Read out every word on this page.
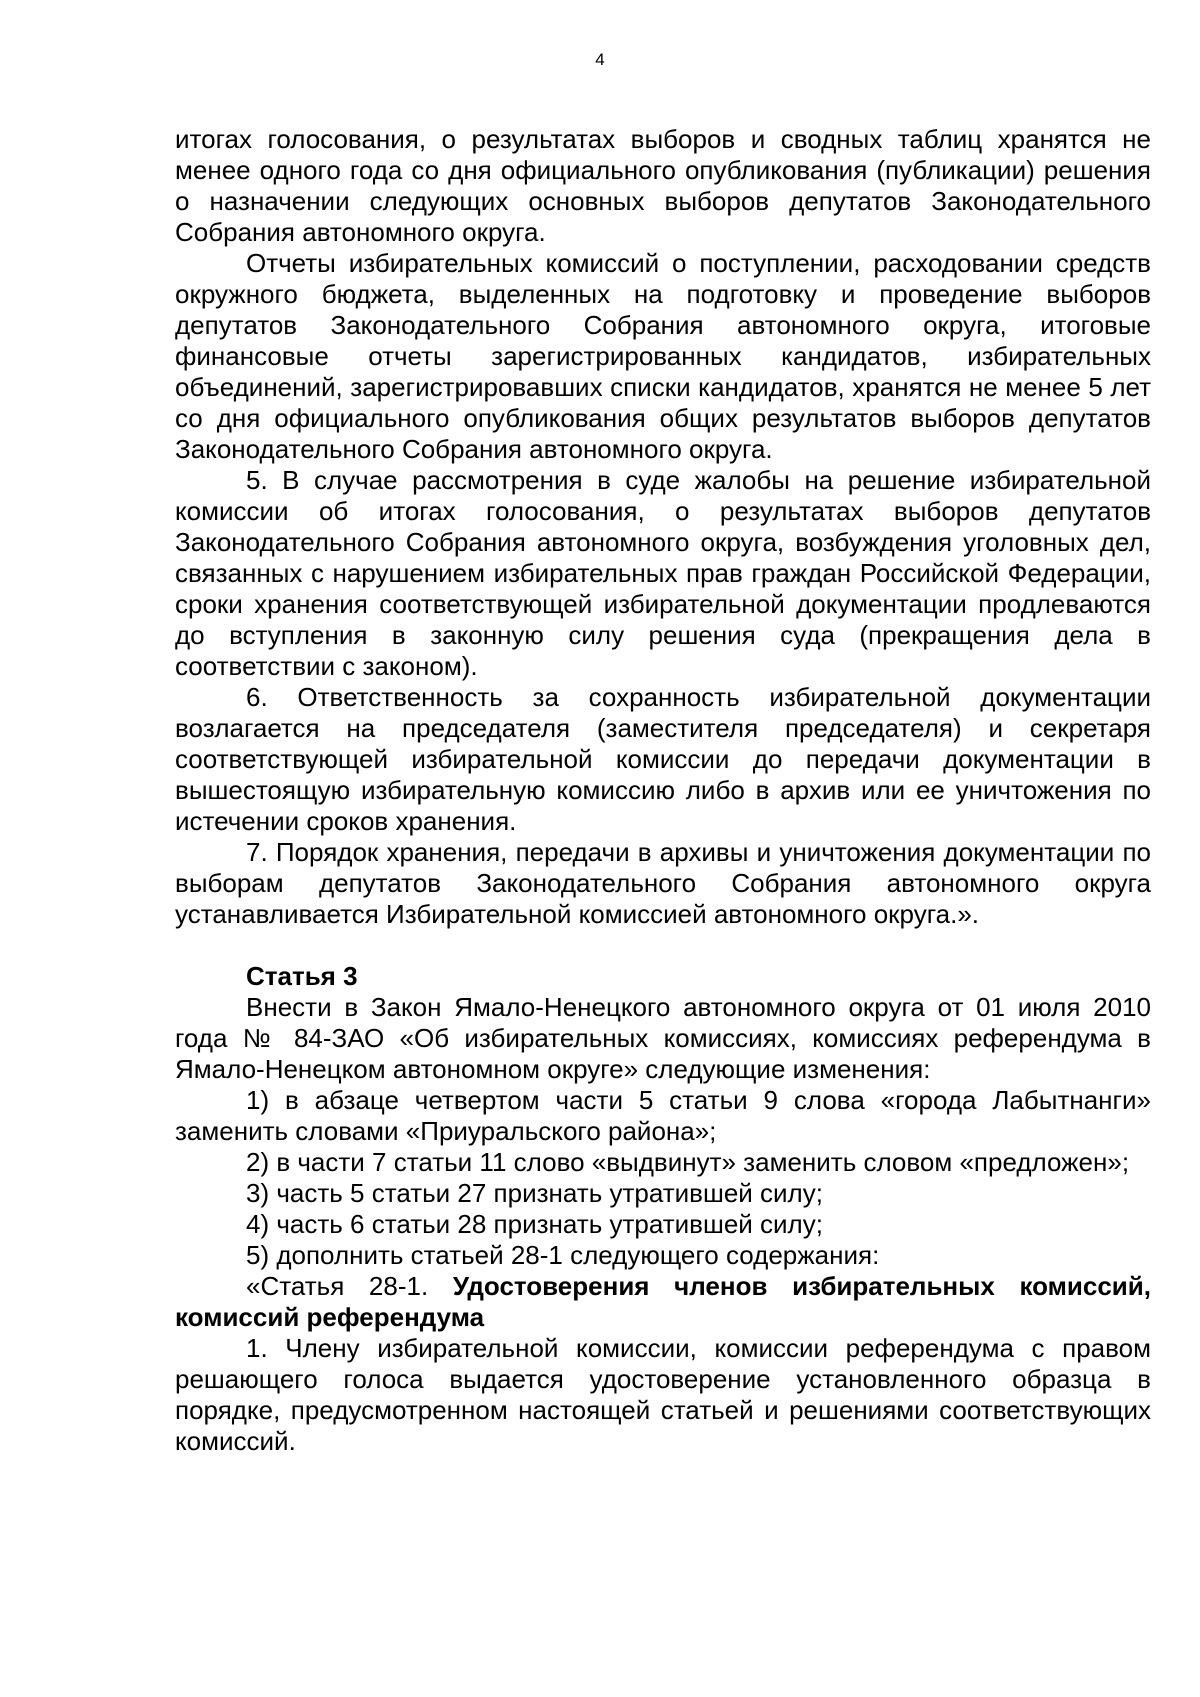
4

итогах голосования, о результатах выборов и сводных таблиц хранятся не менее одного года со дня официального опубликования (публикации) решения о назначении следующих основных выборов депутатов Законодательного Собрания автономного округа.

Отчеты избирательных комиссий о поступлении, расходовании средств окружного бюджета, выделенных на подготовку и проведение выборов депутатов Законодательного Собрания автономного округа, итоговые финансовые отчеты зарегистрированных кандидатов, избирательных объединений, зарегистрировавших списки кандидатов, хранятся не менее 5 лет со дня официального опубликования общих результатов выборов депутатов Законодательного Собрания автономного округа.

5. В случае рассмотрения в суде жалобы на решение избирательной комиссии об итогах голосования, о результатах выборов депутатов Законодательного Собрания автономного округа, возбуждения уголовных дел, связанных с нарушением избирательных прав граждан Российской Федерации, сроки хранения соответствующей избирательной документации продлеваются до вступления в законную силу решения суда (прекращения дела в соответствии с законом).

6. Ответственность за сохранность избирательной документации возлагается на председателя (заместителя председателя) и секретаря соответствующей избирательной комиссии до передачи документации в вышестоящую избирательную комиссию либо в архив или ее уничтожения по истечении сроков хранения.

7. Порядок хранения, передачи в архивы и уничтожения документации по выборам депутатов Законодательного Собрания автономного округа устанавливается Избирательной комиссией автономного округа.».

Статья 3

Внести в Закон Ямало-Ненецкого автономного округа от 01 июля 2010 года № 84-ЗАО «Об избирательных комиссиях, комиссиях референдума в Ямало-Ненецком автономном округе» следующие изменения:

1) в абзаце четвертом части 5 статьи 9 слова «города Лабытнанги» заменить словами «Приуральского района»;

2) в части 7 статьи 11 слово «выдвинут» заменить словом «предложен»;

3) часть 5 статьи 27 признать утратившей силу;

4) часть 6 статьи 28 признать утратившей силу;

5) дополнить статьей 28-1 следующего содержания:

«Статья 28-1. Удостоверения членов избирательных комиссий, комиссий референдума

1. Члену избирательной комиссии, комиссии референдума с правом решающего голоса выдается удостоверение установленного образца в порядке, предусмотренном настоящей статьей и решениями соответствующих комиссий.
